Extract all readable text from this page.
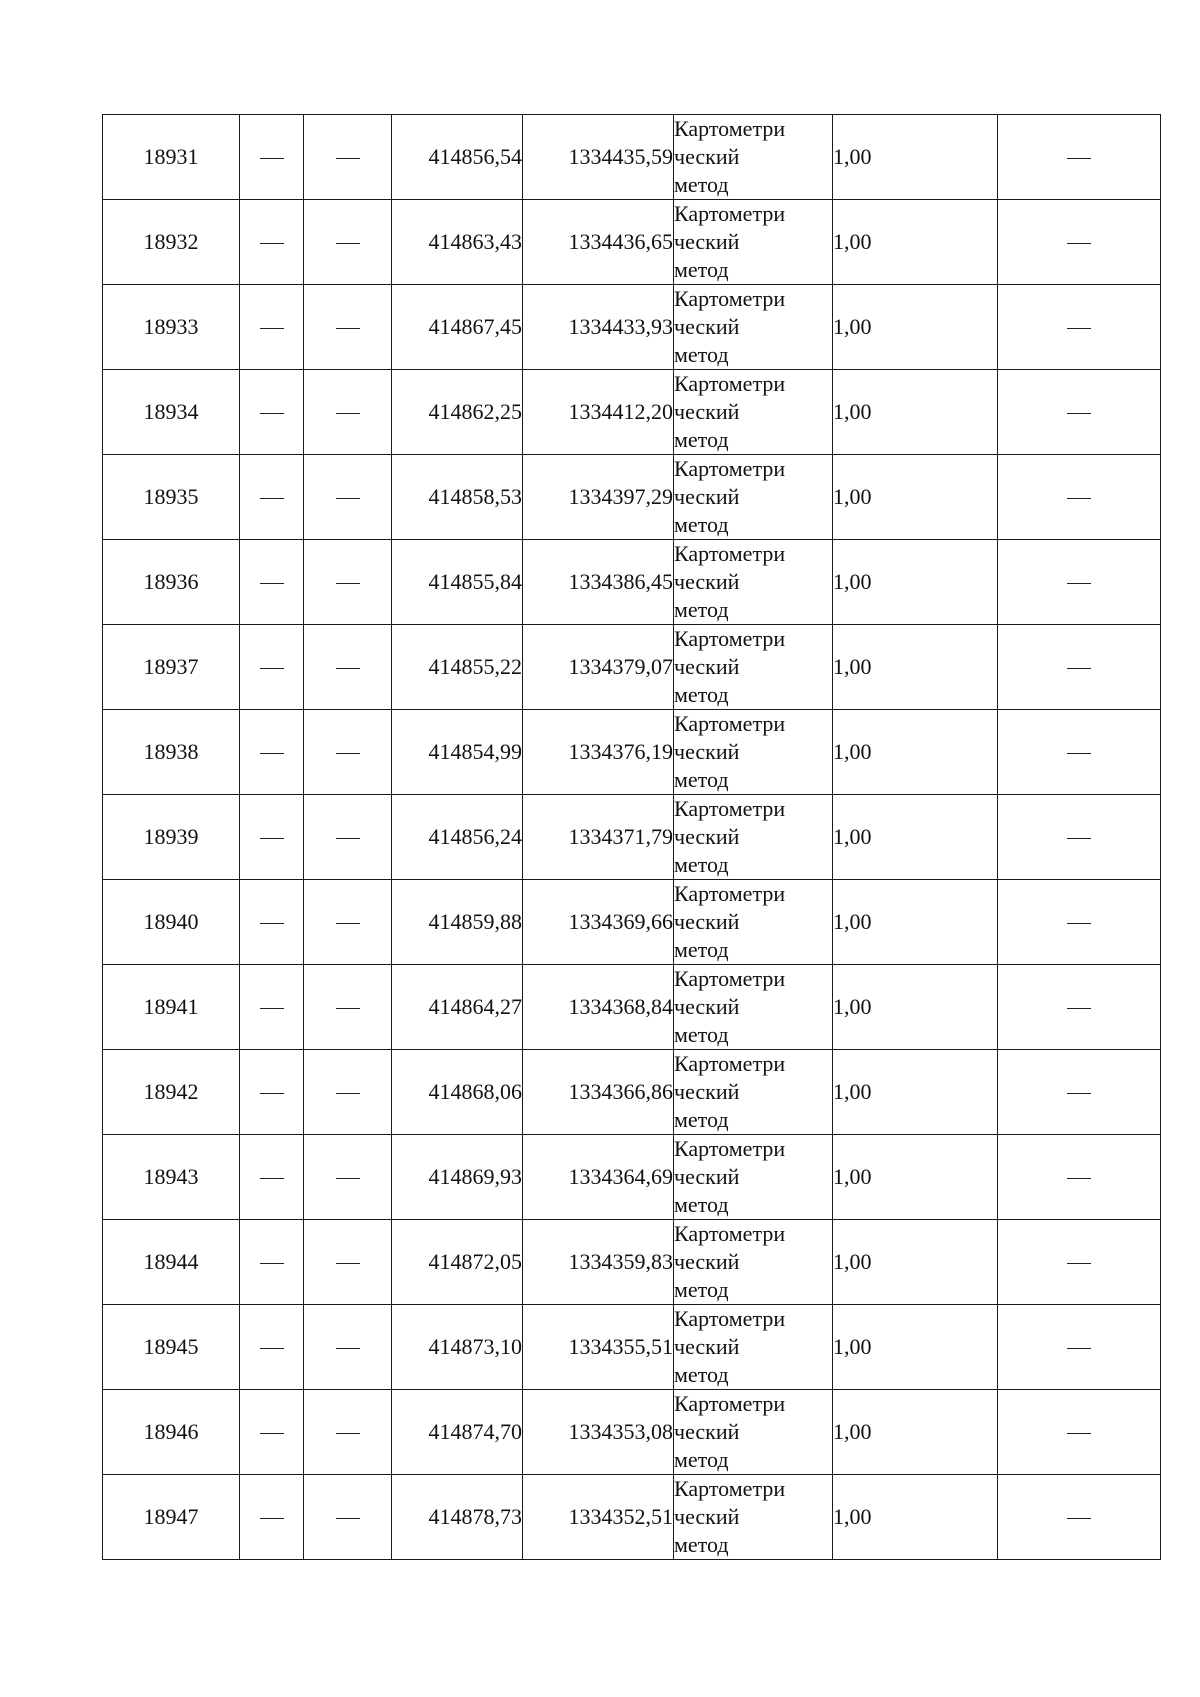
18931			414856,54	1334435,59	Картометри
ческий
метод	1,00	
18932			414863,43	1334436,65	Картометри
ческий
метод	1,00	
18933			414867,45	1334433,93	Картометри
ческий
метод	1,00	
18934			414862,25	1334412,20	Картометри
ческий
метод	1,00	
18935			414858,53	1334397,29	Картометри
ческий
метод	1,00	
18936			414855,84	1334386,45	Картометри
ческий
метод	1,00	
18937			414855,22	1334379,07	Картометри
ческий
метод	1,00	
18938			414854,99	1334376,19	Картометри
ческий
метод	1,00	
18939			414856,24	1334371,79	Картометри
ческий
метод	1,00	
18940			414859,88	1334369,66	Картометри
ческий
метод	1,00	
18941			414864,27	1334368,84	Картометри
ческий
метод	1,00	
18942			414868,06	1334366,86	Картометри
ческий
метод	1,00	
18943			414869,93	1334364,69	Картометри
ческий
метод	1,00	
18944			414872,05	1334359,83	Картометри
ческий
метод	1,00	
18945			414873,10	1334355,51	Картометри
ческий
метод	1,00	
18946			414874,70	1334353,08	Картометри
ческий
метод	1,00	
18947			414878,73	1334352,51	Картометри
ческий
метод	1,00	
